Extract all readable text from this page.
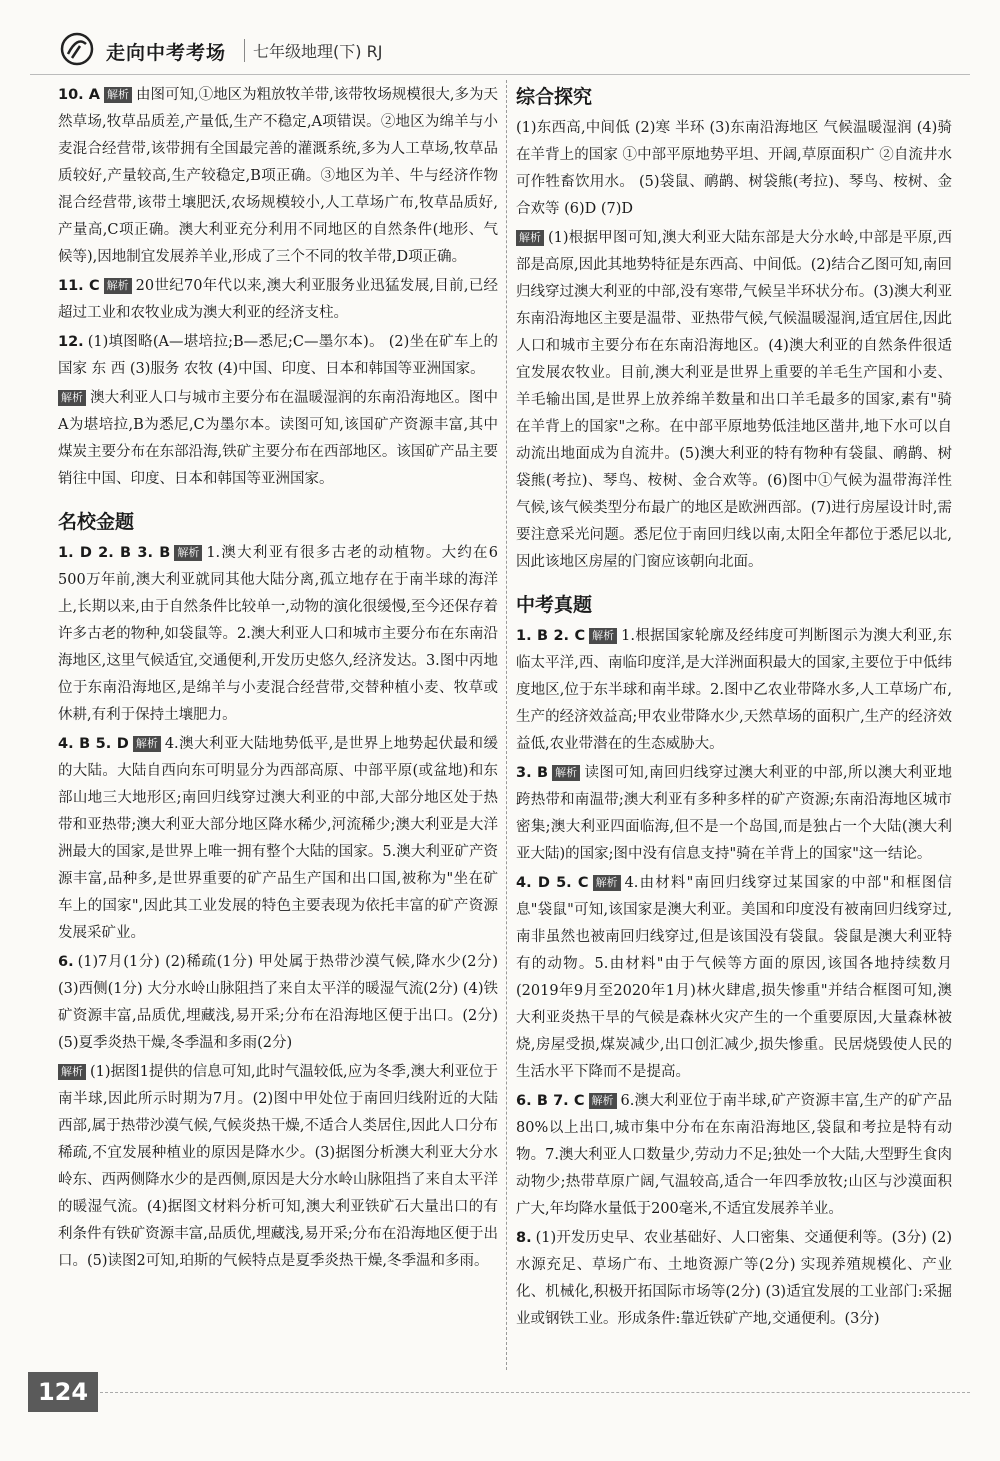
走向中考考场	七年级地理(下) RJ

10. A 解析 由图可知,①地区为粗放牧羊带,该带牧场规模很大,多为天然草场,牧草品质差,产量低,生产不稳定,A项错误。②地区为绵羊与小麦混合经营带,该带拥有全国最完善的灌溉系统,多为人工草场,牧草品质较好,产量较高,生产较稳定,B项正确。③地区为羊、牛与经济作物混合经营带,该带土壤肥沃,农场规模较小,人工草场广布,牧草品质好,产量高,C项正确。澳大利亚充分利用不同地区的自然条件(地形、气候等),因地制宜发展养羊业,形成了三个不同的牧羊带,D项正确。

11. C 解析 20世纪70年代以来,澳大利亚服务业迅猛发展,目前,已经超过工业和农牧业成为澳大利亚的经济支柱。

12. (1)填图略(A—堪培拉;B—悉尼;C—墨尔本)。 (2)坐在矿车上的国家 东 西 (3)服务 农牧 (4)中国、印度、日本和韩国等亚洲国家。

解析 澳大利亚人口与城市主要分布在温暖湿润的东南沿海地区。图中A为堪培拉,B为悉尼,C为墨尔本。读图可知,该国矿产资源丰富,其中煤炭主要分布在东部沿海,铁矿主要分布在西部地区。该国矿产品主要销往中国、印度、日本和韩国等亚洲国家。

名校金题

1. D 2. B 3. B 解析 1.澳大利亚有很多古老的动植物。大约在6 500万年前,澳大利亚就同其他大陆分离,孤立地存在于南半球的海洋上,长期以来,由于自然条件比较单一,动物的演化很缓慢,至今还保存着许多古老的物种,如袋鼠等。2.澳大利亚人口和城市主要分布在东南沿海地区,这里气候适宜,交通便利,开发历史悠久,经济发达。3.图中丙地位于东南沿海地区,是绵羊与小麦混合经营带,交替种植小麦、牧草或休耕,有利于保持土壤肥力。

4. B 5. D 解析 4.澳大利亚大陆地势低平,是世界上地势起伏最和缓的大陆。大陆自西向东可明显分为西部高原、中部平原(或盆地)和东部山地三大地形区;南回归线穿过澳大利亚的中部,大部分地区处于热带和亚热带;澳大利亚大部分地区降水稀少,河流稀少;澳大利亚是大洋洲最大的国家,是世界上唯一拥有整个大陆的国家。5.澳大利亚矿产资源丰富,品种多,是世界重要的矿产品生产国和出口国,被称为"坐在矿车上的国家",因此其工业发展的特色主要表现为依托丰富的矿产资源发展采矿业。

6. (1)7月(1分) (2)稀疏(1分) 甲处属于热带沙漠气候,降水少(2分) (3)西侧(1分) 大分水岭山脉阻挡了来自太平洋的暖湿气流(2分) (4)铁矿资源丰富,品质优,埋藏浅,易开采;分布在沿海地区便于出口。(2分) (5)夏季炎热干燥,冬季温和多雨(2分)

解析 (1)据图1提供的信息可知,此时气温较低,应为冬季,澳大利亚位于南半球,因此所示时期为7月。(2)图中甲处位于南回归线附近的大陆西部,属于热带沙漠气候,气候炎热干燥,不适合人类居住,因此人口分布稀疏,不宜发展种植业的原因是降水少。(3)据图分析澳大利亚大分水岭东、西两侧降水少的是西侧,原因是大分水岭山脉阻挡了来自太平洋的暖湿气流。(4)据图文材料分析可知,澳大利亚铁矿石大量出口的有利条件有铁矿资源丰富,品质优,埋藏浅,易开采;分布在沿海地区便于出口。(5)读图2可知,珀斯的气候特点是夏季炎热干燥,冬季温和多雨。

综合探究

(1)东西高,中间低 (2)寒 半环 (3)东南沿海地区 气候温暖湿润 (4)骑在羊背上的国家 ①中部平原地势平坦、开阔,草原面积广 ②自流井水可作牲畜饮用水。 (5)袋鼠、鸸鹋、树袋熊(考拉)、琴鸟、桉树、金合欢等 (6)D (7)D

解析 (1)根据甲图可知,澳大利亚大陆东部是大分水岭,中部是平原,西部是高原,因此其地势特征是东西高、中间低。(2)结合乙图可知,南回归线穿过澳大利亚的中部,没有寒带,气候呈半环状分布。(3)澳大利亚东南沿海地区主要是温带、亚热带气候,气候温暖湿润,适宜居住,因此人口和城市主要分布在东南沿海地区。(4)澳大利亚的自然条件很适宜发展农牧业。目前,澳大利亚是世界上重要的羊毛生产国和小麦、羊毛输出国,是世界上放养绵羊数量和出口羊毛最多的国家,素有"骑在羊背上的国家"之称。在中部平原地势低洼地区凿井,地下水可以自动流出地面成为自流井。(5)澳大利亚的特有物种有袋鼠、鸸鹋、树袋熊(考拉)、琴鸟、桉树、金合欢等。(6)图中①气候为温带海洋性气候,该气候类型分布最广的地区是欧洲西部。(7)进行房屋设计时,需要注意采光问题。悉尼位于南回归线以南,太阳全年都位于悉尼以北,因此该地区房屋的门窗应该朝向北面。

中考真题

1. B 2. C 解析 1.根据国家轮廓及经纬度可判断图示为澳大利亚,东临太平洋,西、南临印度洋,是大洋洲面积最大的国家,主要位于中低纬度地区,位于东半球和南半球。2.图中乙农业带降水多,人工草场广布,生产的经济效益高;甲农业带降水少,天然草场的面积广,生产的经济效益低,农业带潜在的生态威胁大。

3. B 解析 读图可知,南回归线穿过澳大利亚的中部,所以澳大利亚地跨热带和南温带;澳大利亚有多种多样的矿产资源;东南沿海地区城市密集;澳大利亚四面临海,但不是一个岛国,而是独占一个大陆(澳大利亚大陆)的国家;图中没有信息支持"骑在羊背上的国家"这一结论。

4. D 5. C 解析 4.由材料"南回归线穿过某国家的中部"和框图信息"袋鼠"可知,该国家是澳大利亚。美国和印度没有被南回归线穿过,南非虽然也被南回归线穿过,但是该国没有袋鼠。袋鼠是澳大利亚特有的动物。5.由材料"由于气候等方面的原因,该国各地持续数月(2019年9月至2020年1月)林火肆虐,损失惨重"并结合框图可知,澳大利亚炎热干旱的气候是森林火灾产生的一个重要原因,大量森林被烧,房屋受损,煤炭减少,出口创汇减少,损失惨重。民居烧毁使人民的生活水平下降而不是提高。

6. B 7. C 解析 6.澳大利亚位于南半球,矿产资源丰富,生产的矿产品80%以上出口,城市集中分布在东南沿海地区,袋鼠和考拉是特有动物。7.澳大利亚人口数量少,劳动力不足;独处一个大陆,大型野生食肉动物少;热带草原广阔,气温较高,适合一年四季放牧;山区与沙漠面积广大,年均降水量低于200毫米,不适宜发展养羊业。

8. (1)开发历史早、农业基础好、人口密集、交通便利等。(3分) (2)水源充足、草场广布、土地资源广等(2分) 实现养殖规模化、产业化、机械化,积极开拓国际市场等(2分) (3)适宜发展的工业部门:采掘业或钢铁工业。形成条件:靠近铁矿产地,交通便利。(3分)

124
